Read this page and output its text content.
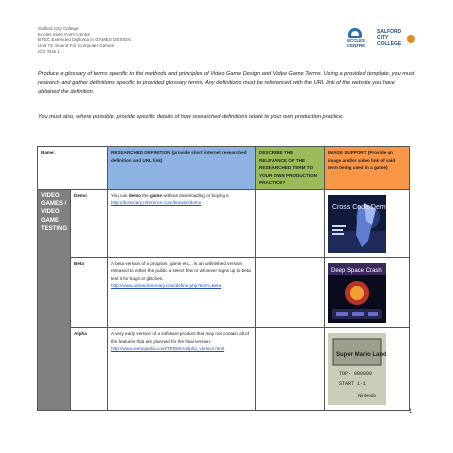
Salford City College
Eccles Sixth Form Centre
BTEC Extended Diploma in GAMES DESIGN
Unit 73: Sound For Computer Games
IG2 Task 1
ECCLES
CENTRE
SALFORD
CITY
COLLEGE
Produce a glossary of terms specific to the methods and principles of Video Game Design and Video Game Terms. Using a provided template, you must research and gather definitions specific to provided glossary terms. Any definitions must be referenced with the URL link of the website you have obtained the definition.
You must also, where possible, provide specific details of how researched definitions relate to your own production practice.
Name:		RESEARCHED DEFINITION (provide short internet researched definition and URL link)	DESCRIBE THE RELEVANCE OF THE RESEARCHED TERM TO YOUR OWN PRODUCTION PRACTICE?	IMAGE SUPPORT (Provide an image and/or video link of said term being used in a game)
VIDEO GAMES / VIDEO GAME TESTING	Demo	You can demo the game without downloading or buying it.
http://dictionary.reference.com/browse/demo		Cross Code Demo

	Beta	A beta version of a program, game etc... is an unfinished version released to either the public a select few or whoever signs up to beta test it for bugs or glitches.
http://www.urbandictionary.com/define.php?term=Beta		Deep Space Crash

	Alpha	A very early version of a software product that may not contain all of the features that are planned for the final version.
http://www.webopedia.com/TERM/A/alpha_version.html		Super Mario Land
TOP- 000000
START 1-1
Nintendo
1
